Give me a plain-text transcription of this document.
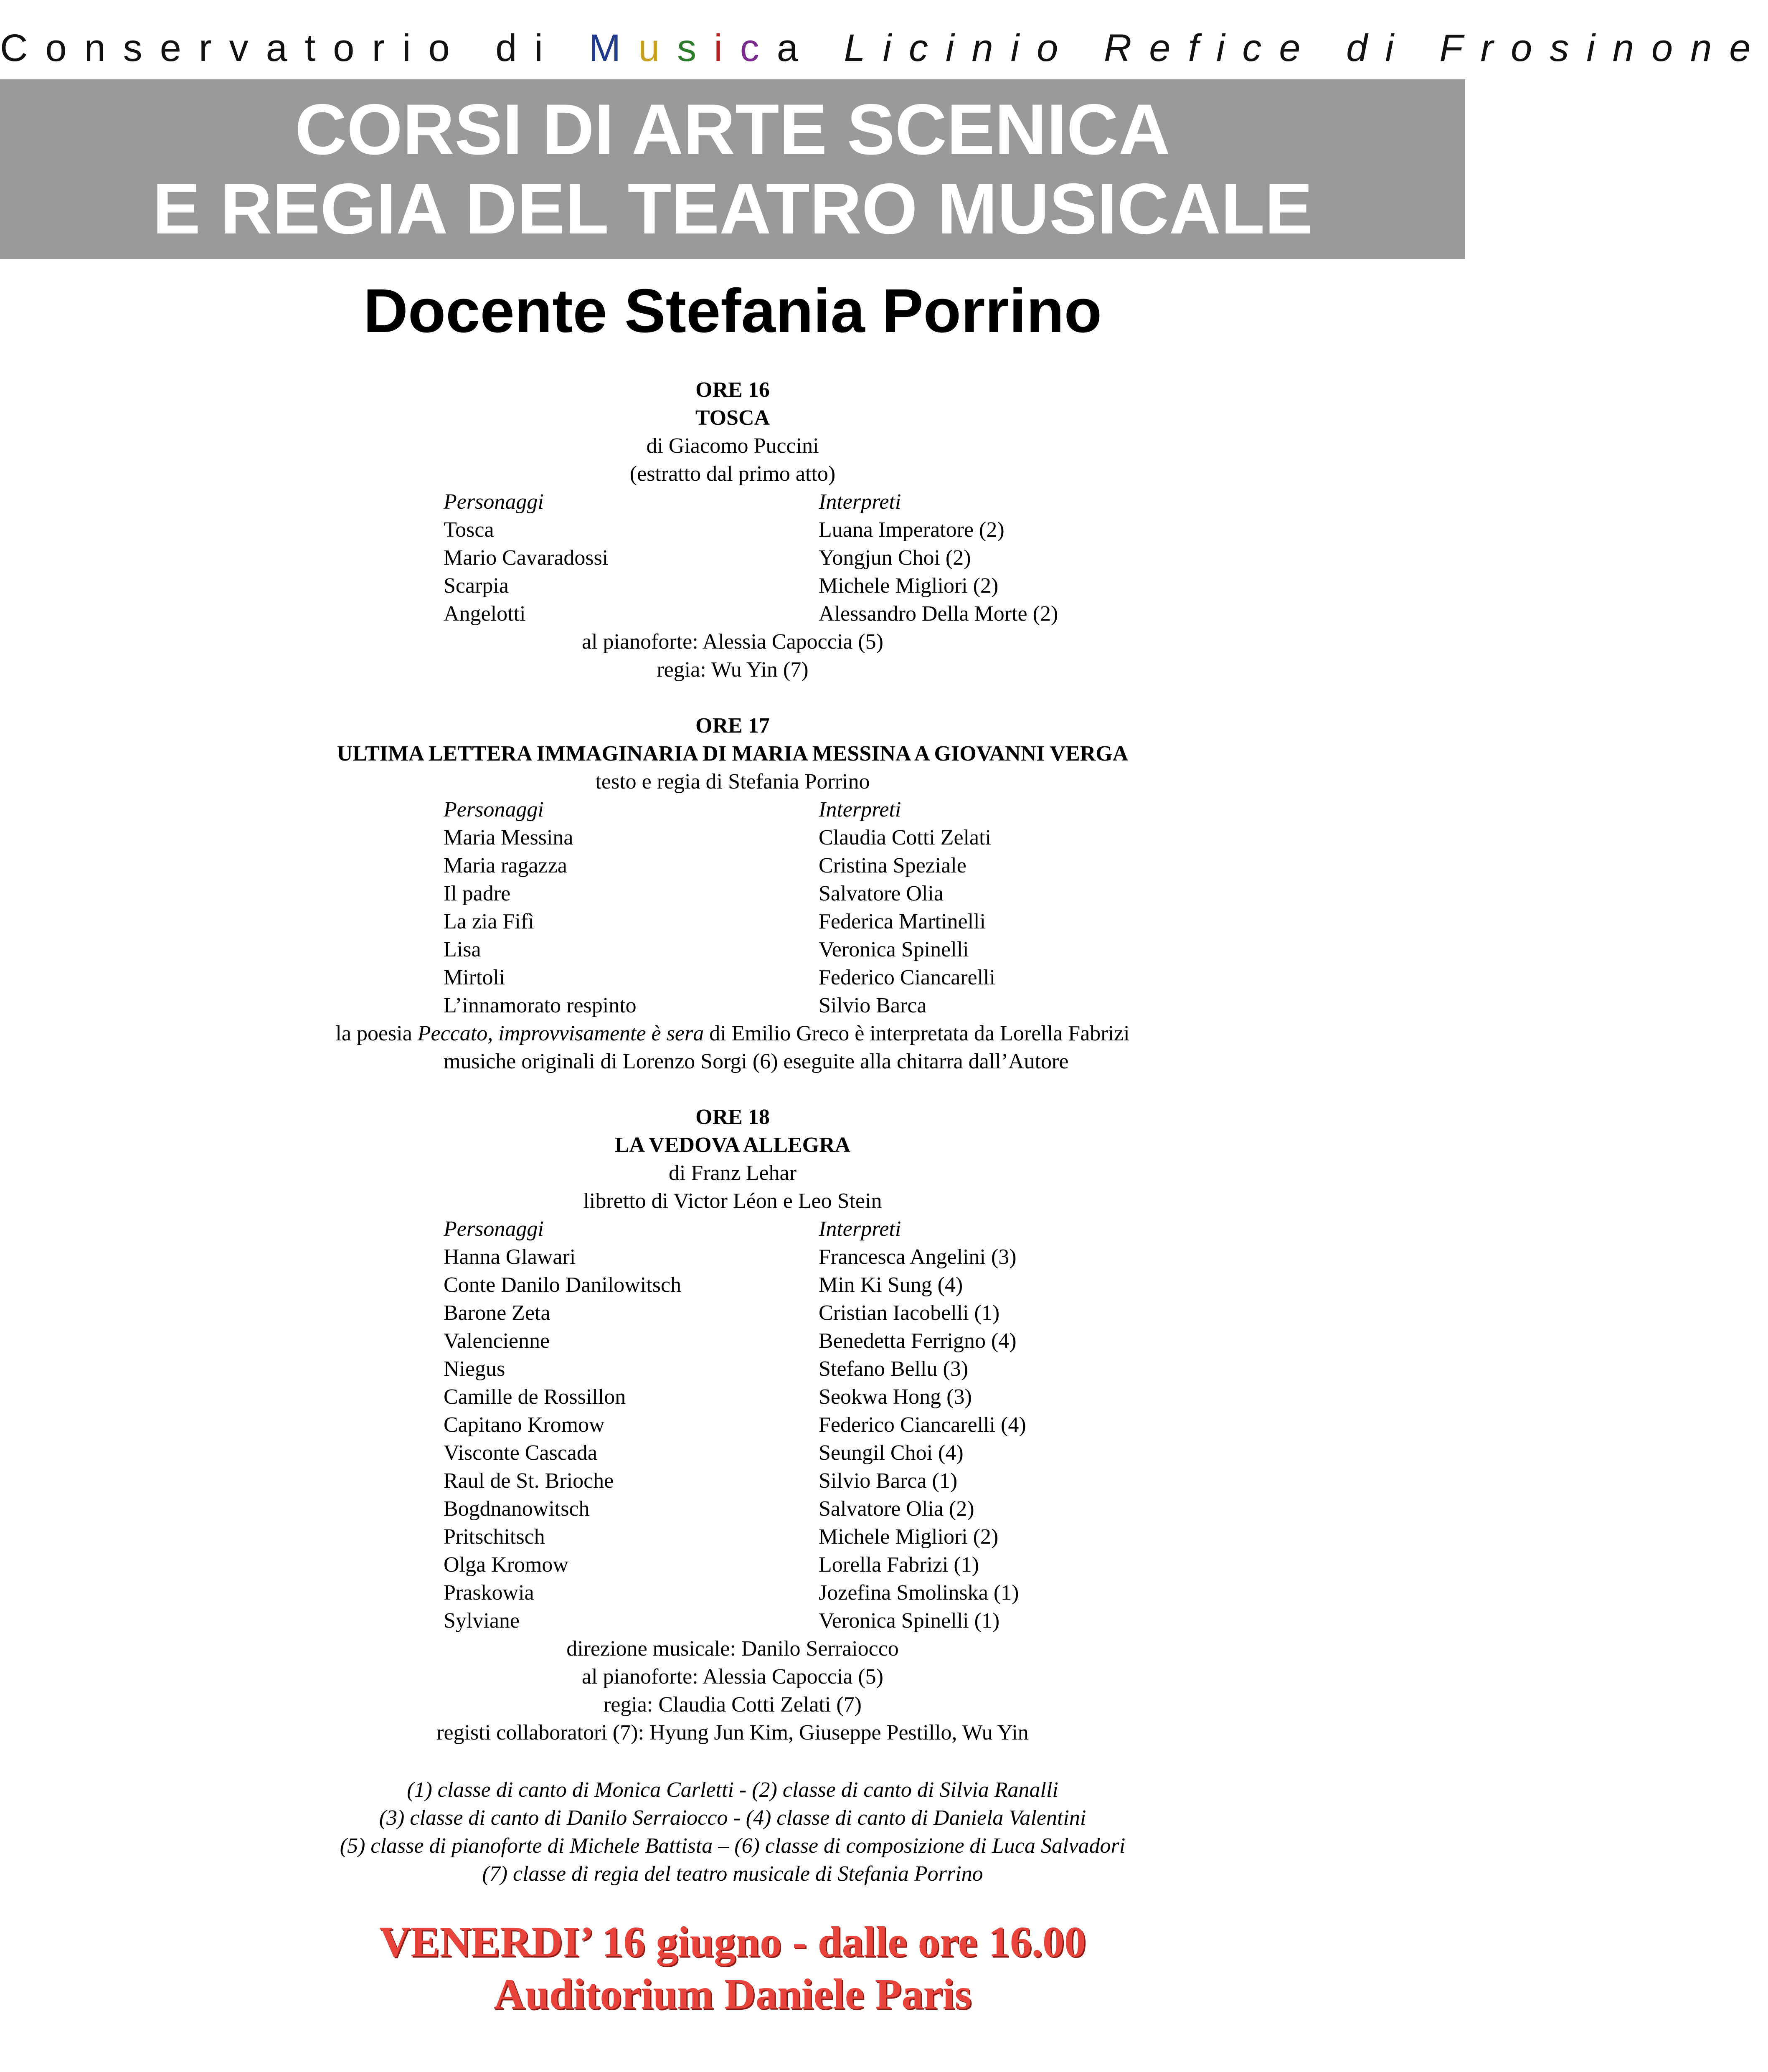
Conservatorio di Musica Licinio Refice di Frosinone
CORSI DI ARTE SCENICA
E REGIA DEL TEATRO MUSICALE
Docente Stefania Porrino
ORE 16
TOSCA
di Giacomo Puccini
(estratto dal primo atto)
Personaggi	Interpreti
Tosca	Luana Imperatore (2)
Mario Cavaradossi	Yongjun Choi (2)
Scarpia	Michele Migliori (2)
Angelotti	Alessandro Della Morte (2)
al pianoforte: Alessia Capoccia (5)
regia: Wu Yin (7)
ORE 17
ULTIMA LETTERA IMMAGINARIA DI MARIA MESSINA A GIOVANNI VERGA
testo e regia di Stefania Porrino
Personaggi	Interpreti
Maria Messina	Claudia Cotti Zelati
Maria ragazza	Cristina Speziale
Il padre	Salvatore Olia
La zia Fifì	Federica Martinelli
Lisa	Veronica Spinelli
Mirtoli	Federico Ciancarelli
L’innamorato respinto	Silvio Barca
la poesia Peccato, improvvisamente è sera di Emilio Greco è interpretata da Lorella Fabrizi
musiche originali di Lorenzo Sorgi (6) eseguite alla chitarra dall’Autore
ORE 18
LA VEDOVA ALLEGRA
di Franz Lehar
libretto di Victor Léon e Leo Stein
Personaggi	Interpreti
Hanna Glawari	Francesca Angelini (3)
Conte Danilo Danilowitsch	Min Ki Sung (4)
Barone Zeta	Cristian Iacobelli (1)
Valencienne	Benedetta Ferrigno (4)
Niegus	Stefano Bellu (3)
Camille de Rossillon	Seokwa Hong (3)
Capitano Kromow	Federico Ciancarelli (4)
Visconte Cascada	Seungil Choi (4)
Raul de St. Brioche	Silvio Barca (1)
Bogdnanowitsch	Salvatore Olia (2)
Pritschitsch	Michele Migliori (2)
Olga Kromow	Lorella Fabrizi (1)
Praskowia	Jozefina Smolinska (1)
Sylviane	Veronica Spinelli (1)
direzione musicale: Danilo Serraiocco
al pianoforte: Alessia Capoccia (5)
regia: Claudia Cotti Zelati (7)
registi collaboratori (7): Hyung Jun Kim, Giuseppe Pestillo, Wu Yin
(1) classe di canto di Monica Carletti - (2) classe di canto di Silvia Ranalli
(3) classe di canto di Danilo Serraiocco - (4) classe di canto di Daniela Valentini
(5) classe di pianoforte di Michele Battista – (6) classe di composizione di Luca Salvadori
(7) classe di regia del teatro musicale di Stefania Porrino
VENERDI’ 16 giugno - dalle ore 16.00
Auditorium Daniele Paris
